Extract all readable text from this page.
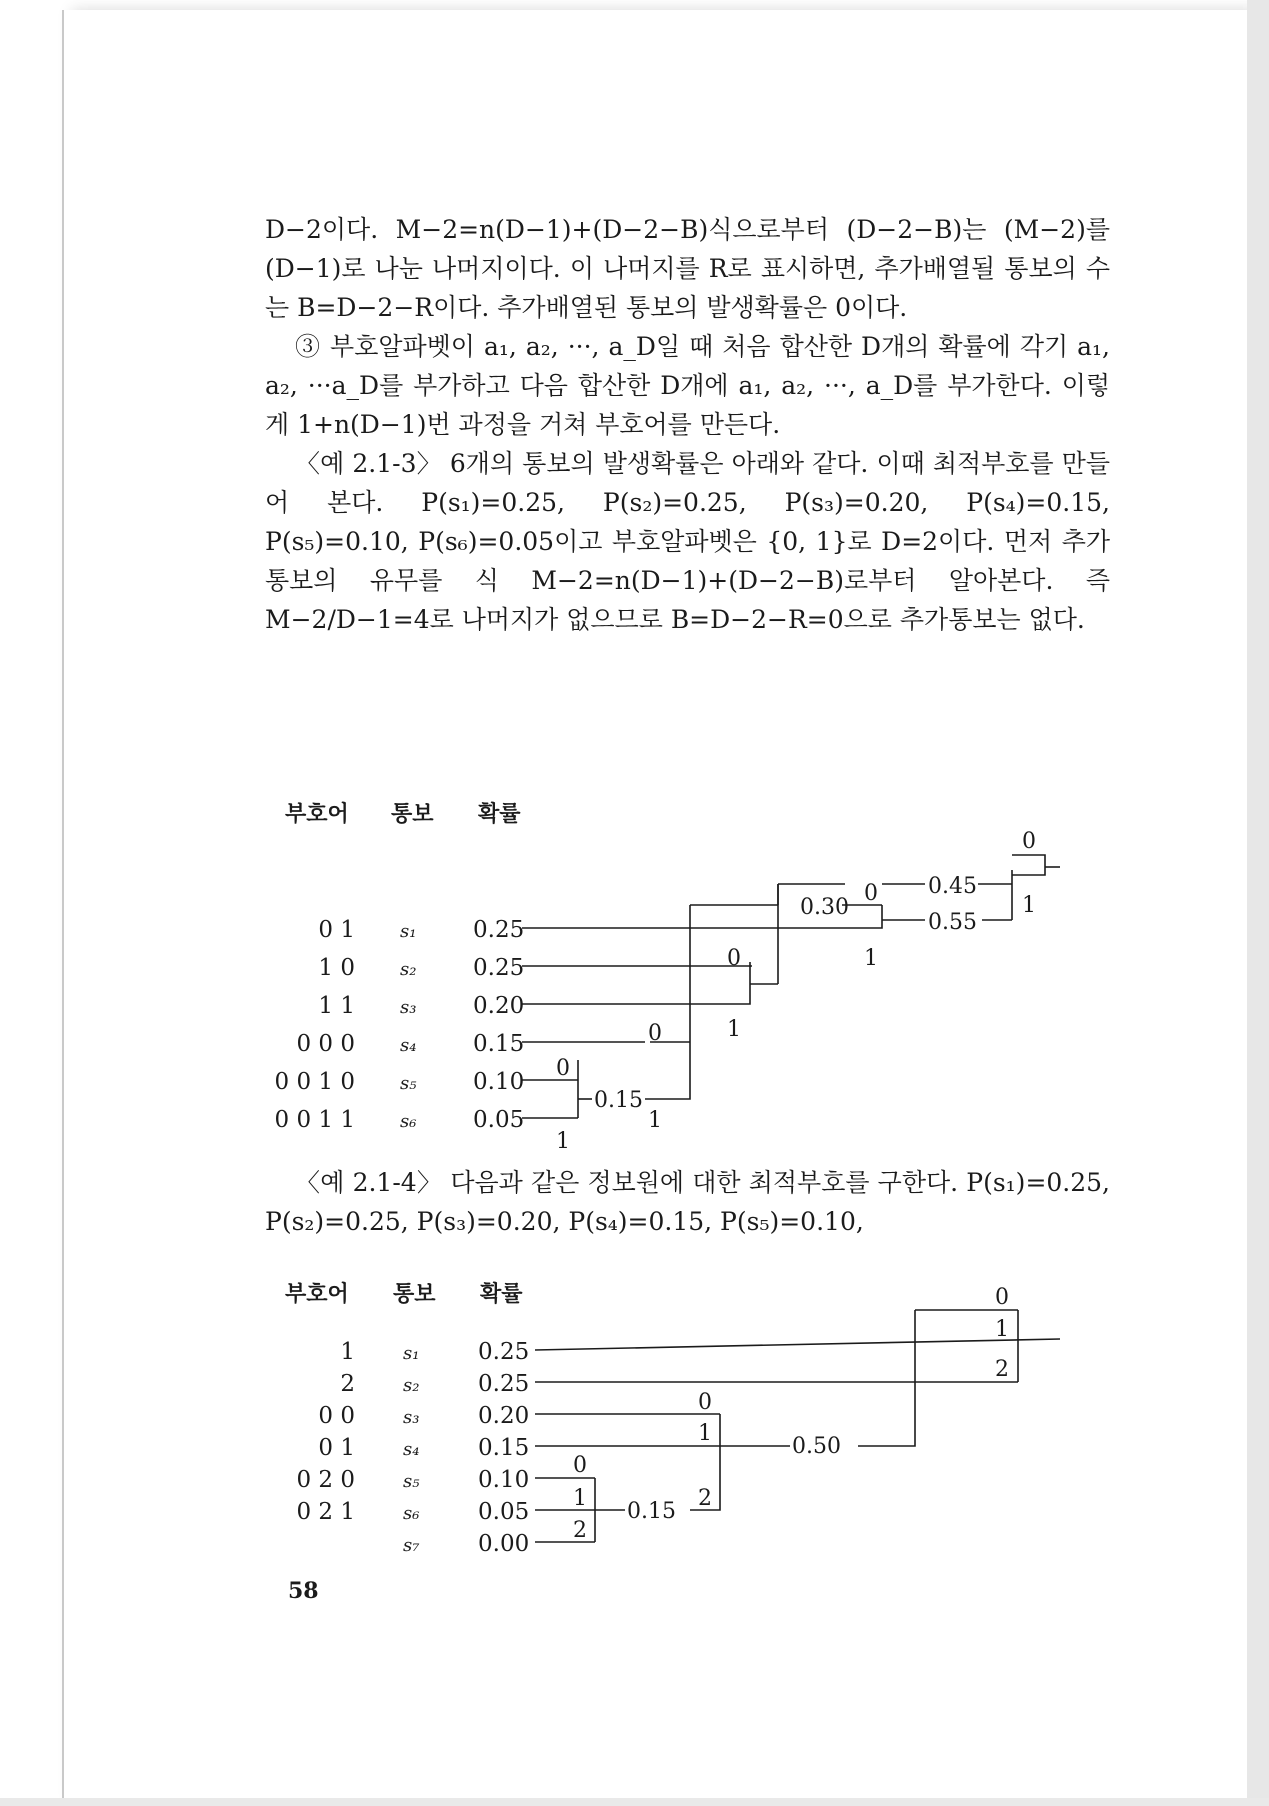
D−2이다. M−2=n(D−1)+(D−2−B)식으로부터 (D−2−B)는 (M−2)를 (D−1)로 나눈 나머지이다. 이 나머지를 R로 표시하면, 추가배열될 통보의 수는 B=D−2−R이다. 추가배열된 통보의 발생확률은 0이다.

③ 부호알파벳이 a₁, a₂, ···, a_D일 때 처음 합산한 D개의 확률에 각기 a₁, a₂, ···a_D를 부가하고 다음 합산한 D개에 a₁, a₂, ···, a_D를 부가한다. 이렇게 1+n(D−1)번 과정을 거쳐 부호어를 만든다.

〈예 2.1-3〉 6개의 통보의 발생확률은 아래와 같다. 이때 최적부호를 만들어 본다. P(s₁)=0.25, P(s₂)=0.25, P(s₃)=0.20, P(s₄)=0.15, P(s₅)=0.10, P(s₆)=0.05이고 부호알파벳은 {0, 1}로 D=2이다. 먼저 추가통보의 유무를 식 M−2=n(D−1)+(D−2−B)로부터 알아본다. 즉 M−2/D−1=4로 나머지가 없으므로 B=D−2−R=0으로 추가통보는 없다.

부호어 통보 확률
0 1
1 0
1 1
0 0 0
0 0 1 0
0 0 1 1
s₁
s₂
s₃
s₄
s₅
s₆
0.25
0.25
0.20
0.15
0.10
0.05
0.15
0.30
0.45
0.55
0
1
0
1
0
1
0
1
0
1
1
2
0 0
0 1
0 2 0
0 2 1
s₁
s₂
s₃
s₄
s₅
s₆
s₇
0.25
0.25
0.20
0.15
0.10
0.05
0.00
0.15
0.50
0
1
2
0
1
2
0
1
2

〈예 2.1-4〉 다음과 같은 정보원에 대한 최적부호를 구한다. P(s₁)=0.25, P(s₂)=0.25, P(s₃)=0.20, P(s₄)=0.15, P(s₅)=0.10,

부호어 통보 확률
58
